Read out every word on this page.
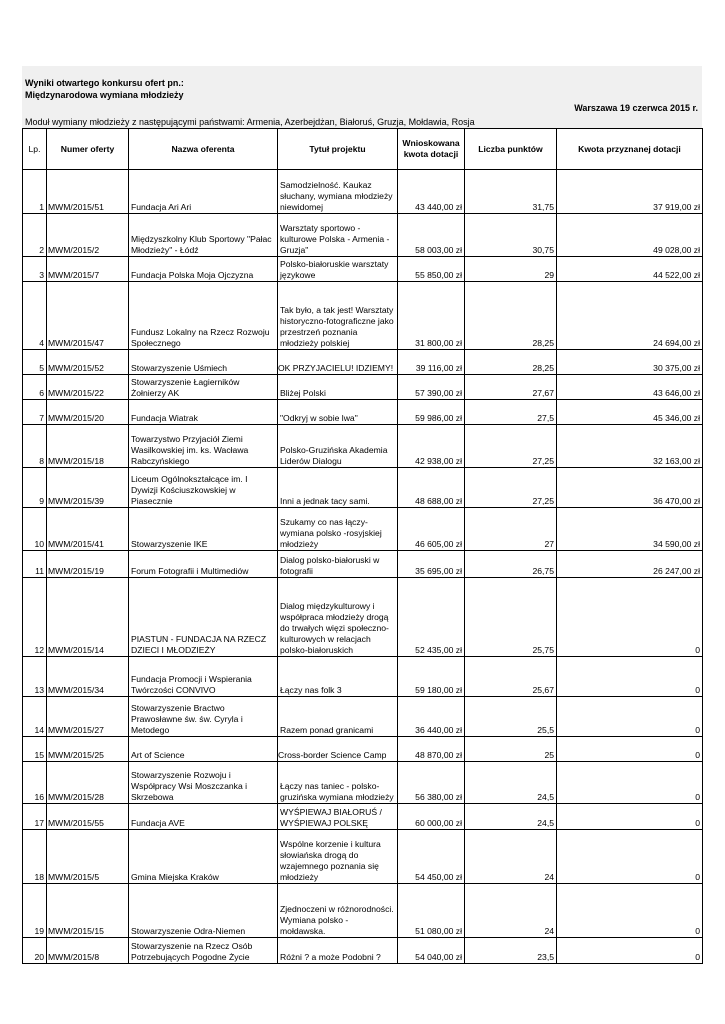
Wyniki otwartego konkursu ofert pn.:
Międzynarodowa wymiana młodzieży
Warszawa 19 czerwca 2015 r.
Moduł wymiany młodzieży z następującymi państwami: Armenia, Azerbejdżan, Białoruś, Gruzja, Mołdawia, Rosja
Lp.	Numer oferty	Nazwa oferenta	Tytuł projektu	Wnioskowana kwota dotacji	Liczba punktów	Kwota przyznanej dotacji
1	MWM/2015/51	Fundacja Ari Ari	Samodzielność. Kaukaz słuchany, wymiana młodzieży niewidomej	43 440,00 zł	31,75	37 919,00 zł
2	MWM/2015/2	Międzyszkolny Klub Sportowy "Pałac Młodzieży" - Łódź	Warsztaty sportowo - kulturowe Polska - Armenia - Gruzja"	58 003,00 zł	30,75	49 028,00 zł
3	MWM/2015/7	Fundacja Polska Moja Ojczyzna	Polsko-białoruskie warsztaty językowe	55 850,00 zł	29	44 522,00 zł
4	MWM/2015/47	Fundusz Lokalny na Rzecz Rozwoju Społecznego	Tak było, a tak jest! Warsztaty historyczno-fotograficzne jako przestrzeń poznania młodzieży polskiej	31 800,00 zł	28,25	24 694,00 zł
5	MWM/2015/52	Stowarzyszenie Uśmiech	OK PRZYJACIELU! IDZIEMY!	39 116,00 zł	28,25	30 375,00 zł
6	MWM/2015/22	Stowarzyszenie Łagierników Żołnierzy AK	Bliżej Polski	57 390,00 zł	27,67	43 646,00 zł
7	MWM/2015/20	Fundacja Wiatrak	"Odkryj w sobie lwa"	59 986,00 zł	27,5	45 346,00 zł
8	MWM/2015/18	Towarzystwo Przyjaciół Ziemi Wasilkowskiej im. ks. Wacława Rabczyńskiego	Polsko-Gruzińska Akademia Liderów Dialogu	42 938,00 zł	27,25	32 163,00 zł
9	MWM/2015/39	Liceum Ogólnokształcące im. I Dywizji Kościuszkowskiej w Piasecznie	Inni a jednak tacy sami.	48 688,00 zł	27,25	36 470,00 zł
10	MWM/2015/41	Stowarzyszenie IKE	Szukamy co nas łączy-wymiana polsko -rosyjskiej młodzieży	46 605,00 zł	27	34 590,00 zł
11	MWM/2015/19	Forum Fotografii i Multimediów	Dialog polsko-białoruski w fotografii	35 695,00 zł	26,75	26 247,00 zł
12	MWM/2015/14	PIASTUN - FUNDACJA NA RZECZ DZIECI I MŁODZIEŻY	Dialog międzykulturowy i współpraca młodzieży drogą do trwałych więzi społeczno-kulturowych w relacjach polsko-białoruskich	52 435,00 zł	25,75	0
13	MWM/2015/34	Fundacja Promocji i Wspierania Twórczości CONVIVO	Łączy nas folk 3	59 180,00 zł	25,67	0
14	MWM/2015/27	Stowarzyszenie Bractwo Prawosławne św. św. Cyryla i Metodego	Razem ponad granicami	36 440,00 zł	25,5	0
15	MWM/2015/25	Art of Science	Cross-border Science Camp	48 870,00 zł	25	0
16	MWM/2015/28	Stowarzyszenie Rozwoju i Współpracy Wsi Moszczanka i Skrzebowa	Łączy nas taniec - polsko-gruzińska wymiana młodzieży	56 380,00 zł	24,5	0
17	MWM/2015/55	Fundacja AVE	WYŚPIEWAJ BIAŁORUŚ / WYŚPIEWAJ POLSKĘ	60 000,00 zł	24,5	0
18	MWM/2015/5	Gmina Miejska Kraków	Wspólne korzenie i kultura słowiańska drogą do wzajemnego poznania się młodzieży	54 450,00 zł	24	0
19	MWM/2015/15	Stowarzyszenie Odra-Niemen	Zjednoczeni w różnorodności. Wymiana polsko - mołdawska.	51 080,00 zł	24	0
20	MWM/2015/8	Stowarzyszenie na Rzecz Osób Potrzebujących Pogodne Życie	Różni ? a może Podobni ?	54 040,00 zł	23,5	0
